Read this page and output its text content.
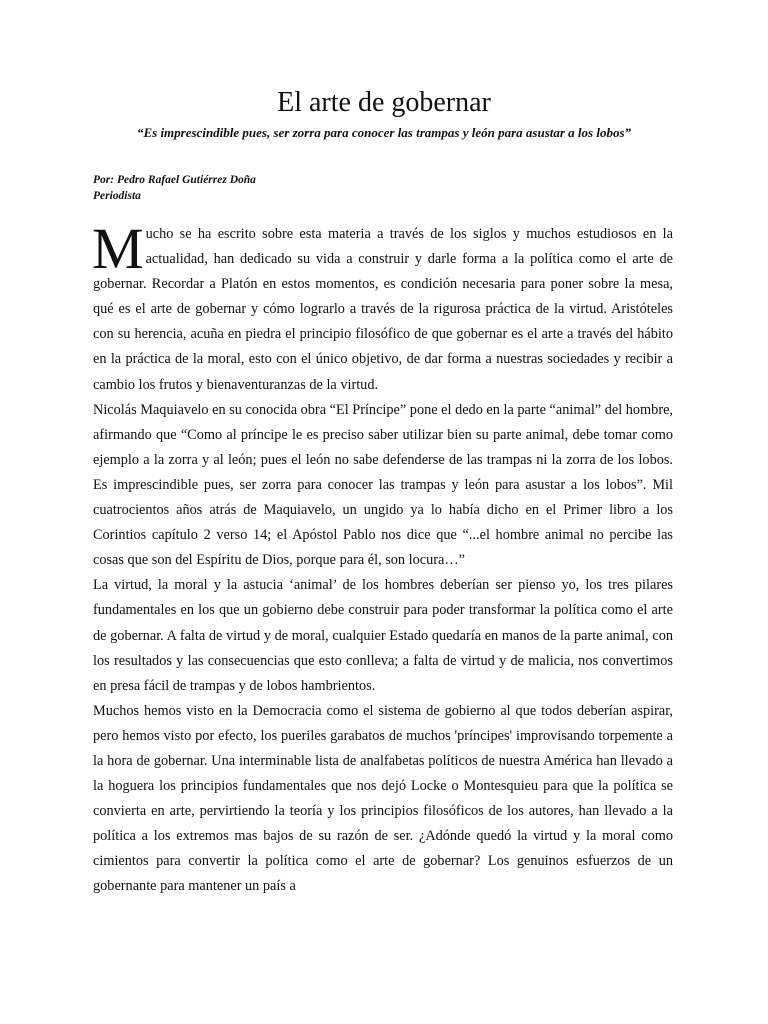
El arte de gobernar

“Es imprescindible pues, ser zorra para conocer las trampas y león para asustar a los lobos”

Por: Pedro Rafael Gutiérrez Doña
Periodista

Mucho se ha escrito sobre esta materia a través de los siglos y muchos estudiosos en la actualidad, han dedicado su vida a construir y darle forma a la política como el arte de gobernar. Recordar a Platón en estos momentos, es condición necesaria para poner sobre la mesa, qué es el arte de gobernar y cómo lograrlo a través de la rigurosa práctica de la virtud. Aristóteles con su herencia, acuña en piedra el principio filosófico de que gobernar es el arte a través del hábito en la práctica de la moral, esto con el único objetivo, de dar forma a nuestras sociedades y recibir a cambio los frutos y bienaventuranzas de la virtud.

Nicolás Maquiavelo en su conocida obra “El Príncipe” pone el dedo en la parte “animal” del hombre, afirmando que “Como al príncipe le es preciso saber utilizar bien su parte animal, debe tomar como ejemplo a la zorra y al león; pues el león no sabe defenderse de las trampas ni la zorra de los lobos. Es imprescindible pues, ser zorra para conocer las trampas y león para asustar a los lobos”. Mil cuatrocientos años atrás de Maquiavelo, un ungido ya lo había dicho en el Primer libro a los Corintios capítulo 2 verso 14; el Apóstol Pablo nos dice que “...el hombre animal no percibe las cosas que son del Espíritu de Dios, porque para él, son locura…”

La virtud, la moral y la astucia ‘animal’ de los hombres deberían ser pienso yo, los tres pilares fundamentales en los que un gobierno debe construir para poder transformar la política como el arte de gobernar. A falta de virtud y de moral, cualquier Estado quedaría en manos de la parte animal, con los resultados y las consecuencias que esto conlleva; a falta de virtud y de malicia, nos convertimos en presa fácil de trampas y de lobos hambrientos.

Muchos hemos visto en la Democracia como el sistema de gobierno al que todos deberían aspirar, pero hemos visto por efecto, los pueriles garabatos de muchos 'príncipes' improvisando torpemente a la hora de gobernar. Una interminable lista de analfabetas políticos de nuestra América han llevado a la hoguera los principios fundamentales que nos dejó Locke o Montesquieu para que la política se convierta en arte, pervirtiendo la teoría y los principios filosóficos de los autores, han llevado a la política a los extremos mas bajos de su razón de ser. ¿Adónde quedó la virtud y la moral como cimientos para convertir la política como el arte de gobernar? Los genuinos esfuerzos de un gobernante para mantener un país a
